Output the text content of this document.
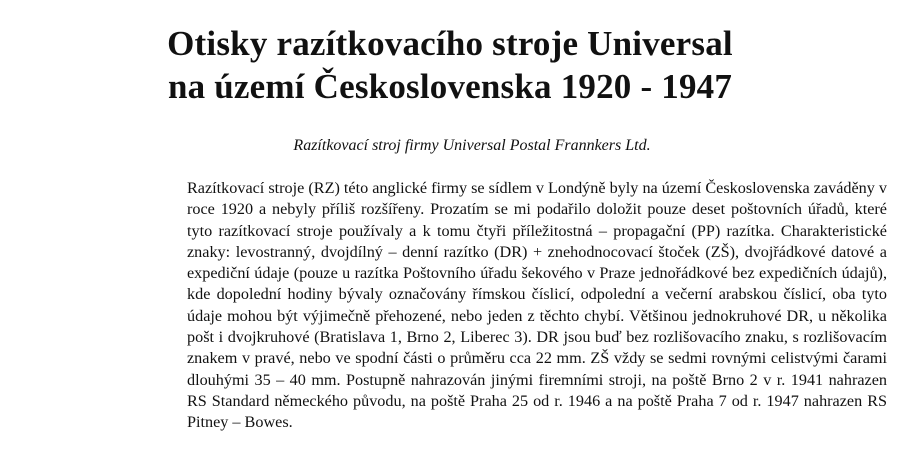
Otisky razítkovacího stroje Universal
na území Československa 1920 - 1947

Razítkovací stroj firmy Universal Postal Frannkers Ltd.

Razítkovací stroje (RZ) této anglické firmy se sídlem v Londýně byly na území Československa zaváděny v
roce 1920 a nebyly příliš rozšířeny. Prozatím se mi podařilo doložit pouze deset poštovních úřadů, které
tyto razítkovací stroje používaly a k tomu čtyři příležitostná – propagační (PP) razítka. Charakteristické
znaky: levostranný, dvojdílný – denní razítko (DR) + znehodnocovací štoček (ZŠ), dvojřádkové datové a
expediční údaje (pouze u razítka Poštovního úřadu šekového v Praze jednořádkové bez expedičních údajů),
kde dopolední hodiny bývaly označovány římskou číslicí, odpolední a večerní arabskou číslicí, oba tyto
údaje mohou být výjimečně přehozené, nebo jeden z těchto chybí. Většinou jednokruhové DR, u několika
pošt i dvojkruhové (Bratislava 1, Brno 2, Liberec 3). DR jsou buď bez rozlišovacího znaku, s rozlišovacím
znakem v pravé, nebo ve spodní části o průměru cca 22 mm. ZŠ vždy se sedmi rovnými celistvými čarami
dlouhými 35 – 40 mm. Postupně nahrazován jinými firemními stroji, na poště Brno 2 v r. 1941 nahrazen
RS Standard německého původu, na poště Praha 25 od r. 1946 a na poště Praha 7 od r. 1947 nahrazen RS
Pitney – Bowes.
